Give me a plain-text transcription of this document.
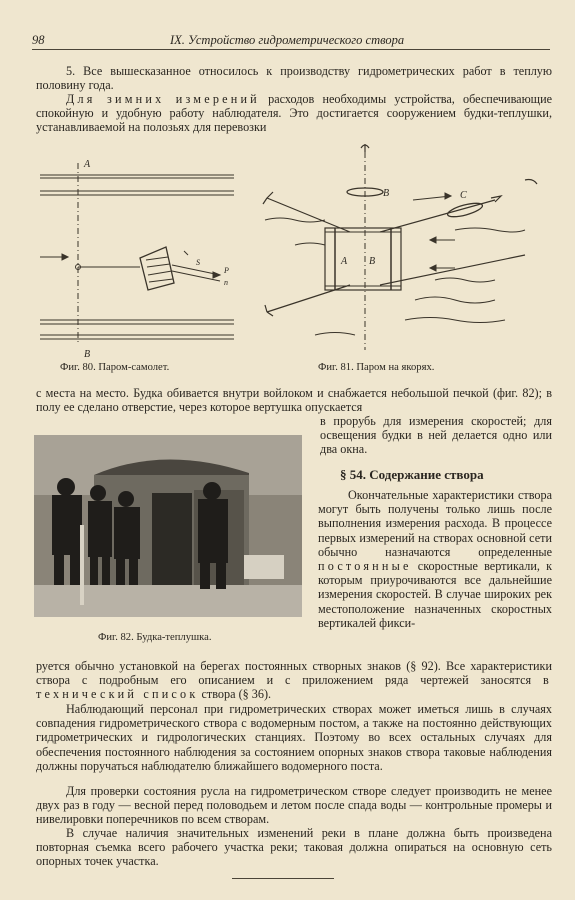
98	IX. Устройство гидрометрического створа

5. Все вышесказанное относилось к производству гидрометрических работ в теплую половину года.

Для зимних измерений расходов необходимы устройства, обеспечивающие спокойную и удобную работу наблюдателя. Это достигается сооружением будки-теплушки, устанавливаемой на полозьях для перевозки

А
В
S
P
n
Фиг. 80. Паром-самолет.
А
В
В
С
Фиг. 81. Паром на якорях.

с места на место. Будка обивается внутри войлоком и снабжается небольшой печкой (фиг. 82); в полу ее сделано отверстие, через которое вертушка опускается

Фиг. 82. Будка-теплушка.

в прорубь для измерения скоростей; для освещения будки в ней делается одно или два окна.

§ 54. Содержание створа

Окончательные характеристики створа могут быть получены только лишь после выполнения измерения расхода. В процессе первых измерений на створах основной сети обычно назначаются определенные постоянные скоростные вертикали, к которым приурочиваются все дальнейшие измерения скоростей. В случае широких рек местоположение назначенных скоростных вертикалей фикси-

руется обычно установкой на берегах постоянных створных знаков (§ 92). Все характеристики створа с подробным его описанием и с приложением ряда чертежей заносятся в технический список створа (§ 36).

Наблюдающий персонал при гидрометрических створах может иметься лишь в случаях совпадения гидрометрического створа с водомерным постом, а также на постоянно действующих гидрометрических и гидрологических станциях. Поэтому во всех остальных случаях для обеспечения постоянного наблюдения за состоянием опорных знаков створа таковые наблюдения должны поручаться наблюдателю ближайшего водомерного поста.

Для проверки состояния русла на гидрометрическом створе следует производить не менее двух раз в году — весной перед половодьем и летом после спада воды — контрольные промеры и нивелировки поперечников по всем створам.

В случае наличия значительных изменений реки в плане должна быть произведена повторная съемка всего рабочего участка реки; таковая должна опираться на основную сеть опорных точек участка.
